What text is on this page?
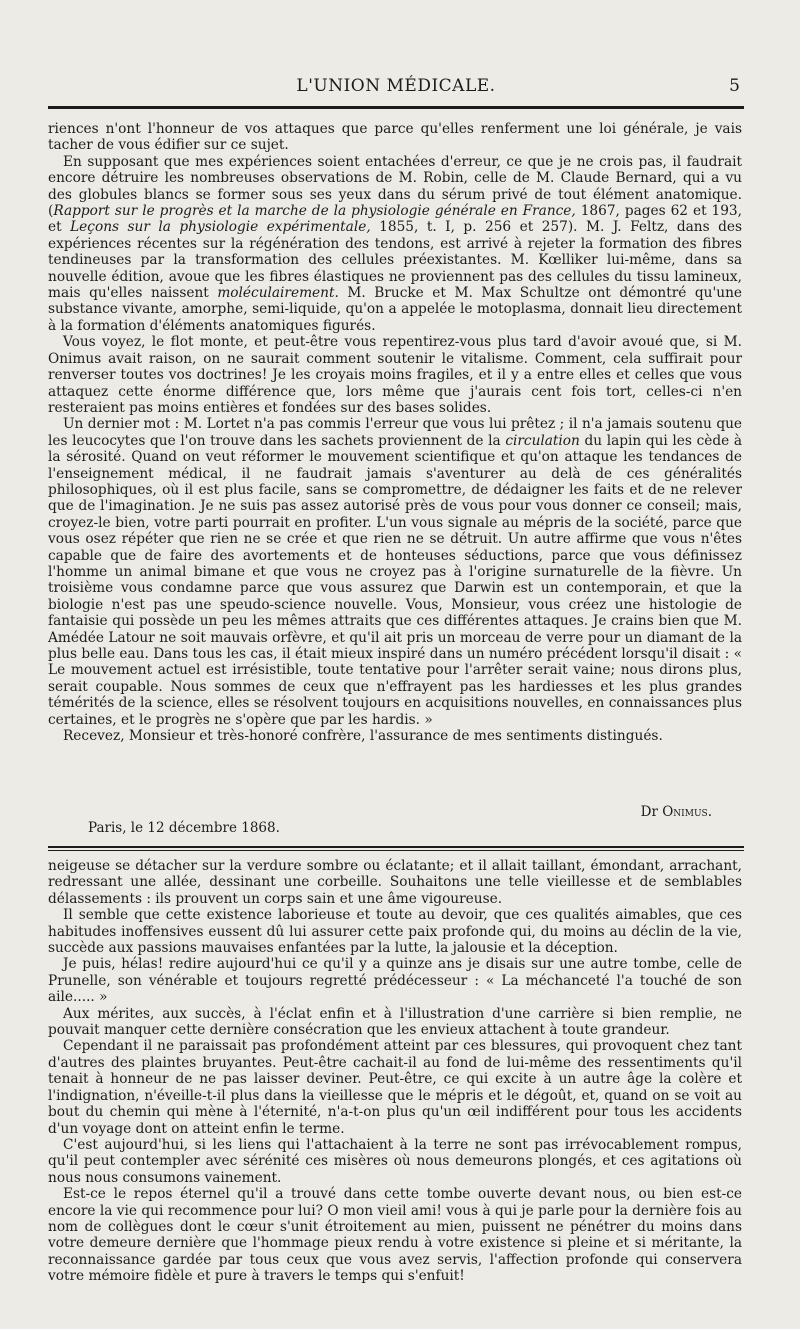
L'UNION MÉDICALE.	5

riences n'ont l'honneur de vos attaques que parce qu'elles renferment une loi générale, je vais tacher de vous édifier sur ce sujet.

En supposant que mes expériences soient entachées d'erreur, ce que je ne crois pas, il faudrait encore détruire les nombreuses observations de M. Robin, celle de M. Claude Bernard, qui a vu des globules blancs se former sous ses yeux dans du sérum privé de tout élément anatomique. (Rapport sur le progrès et la marche de la physiologie générale en France, 1867, pages 62 et 193, et Leçons sur la physiologie expérimentale, 1855, t. I, p. 256 et 257). M. J. Feltz, dans des expériences récentes sur la régénération des tendons, est arrivé à rejeter la formation des fibres tendineuses par la transformation des cellules préexistantes. M. Kœlliker lui-même, dans sa nouvelle édition, avoue que les fibres élastiques ne proviennent pas des cellules du tissu lamineux, mais qu'elles naissent moléculairement. M. Brucke et M. Max Schultze ont démontré qu'une substance vivante, amorphe, semi-liquide, qu'on a appelée le motoplasma, donnait lieu directement à la formation d'éléments anatomiques figurés.

Vous voyez, le flot monte, et peut-être vous repentirez-vous plus tard d'avoir avoué que, si M. Onimus avait raison, on ne saurait comment soutenir le vitalisme. Comment, cela suffirait pour renverser toutes vos doctrines! Je les croyais moins fragiles, et il y a entre elles et celles que vous attaquez cette énorme différence que, lors même que j'aurais cent fois tort, celles-ci n'en resteraient pas moins entières et fondées sur des bases solides.

Un dernier mot : M. Lortet n'a pas commis l'erreur que vous lui prêtez ; il n'a jamais soutenu que les leucocytes que l'on trouve dans les sachets proviennent de la circulation du lapin qui les cède à la sérosité. Quand on veut réformer le mouvement scientifique et qu'on attaque les tendances de l'enseignement médical, il ne faudrait jamais s'aventurer au delà de ces généralités philosophiques, où il est plus facile, sans se compromettre, de dédaigner les faits et de ne relever que de l'imagination. Je ne suis pas assez autorisé près de vous pour vous donner ce conseil; mais, croyez-le bien, votre parti pourrait en profiter. L'un vous signale au mépris de la société, parce que vous osez répéter que rien ne se crée et que rien ne se détruit. Un autre affirme que vous n'êtes capable que de faire des avortements et de honteuses séductions, parce que vous définissez l'homme un animal bimane et que vous ne croyez pas à l'origine surnaturelle de la fièvre. Un troisième vous condamne parce que vous assurez que Darwin est un contemporain, et que la biologie n'est pas une speudo-science nouvelle. Vous, Monsieur, vous créez une histologie de fantaisie qui possède un peu les mêmes attraits que ces différentes attaques. Je crains bien que M. Amédée Latour ne soit mauvais orfèvre, et qu'il ait pris un morceau de verre pour un diamant de la plus belle eau. Dans tous les cas, il était mieux inspiré dans un numéro précédent lorsqu'il disait : « Le mouvement actuel est irrésistible, toute tentative pour l'arrêter serait vaine; nous dirons plus, serait coupable. Nous sommes de ceux que n'effrayent pas les hardiesses et les plus grandes témérités de la science, elles se résolvent toujours en acquisitions nouvelles, en connaissances plus certaines, et le progrès ne s'opère que par les hardis. »

Recevez, Monsieur et très-honoré confrère, l'assurance de mes sentiments distingués.

Dr Onimus.
Paris, le 12 décembre 1868.

neigeuse se détacher sur la verdure sombre ou éclatante; et il allait taillant, émondant, arrachant, redressant une allée, dessinant une corbeille. Souhaitons une telle vieillesse et de semblables délassements : ils prouvent un corps sain et une âme vigoureuse.

Il semble que cette existence laborieuse et toute au devoir, que ces qualités aimables, que ces habitudes inoffensives eussent dû lui assurer cette paix profonde qui, du moins au déclin de la vie, succède aux passions mauvaises enfantées par la lutte, la jalousie et la déception.

Je puis, hélas! redire aujourd'hui ce qu'il y a quinze ans je disais sur une autre tombe, celle de Prunelle, son vénérable et toujours regretté prédécesseur : « La méchanceté l'a touché de son aile..... »

Aux mérites, aux succès, à l'éclat enfin et à l'illustration d'une carrière si bien remplie, ne pouvait manquer cette dernière consécration que les envieux attachent à toute grandeur.

Cependant il ne paraissait pas profondément atteint par ces blessures, qui provoquent chez tant d'autres des plaintes bruyantes. Peut-être cachait-il au fond de lui-même des ressentiments qu'il tenait à honneur de ne pas laisser deviner. Peut-être, ce qui excite à un autre âge la colère et l'indignation, n'éveille-t-il plus dans la vieillesse que le mépris et le dégoût, et, quand on se voit au bout du chemin qui mène à l'éternité, n'a-t-on plus qu'un œil indifférent pour tous les accidents d'un voyage dont on atteint enfin le terme.

C'est aujourd'hui, si les liens qui l'attachaient à la terre ne sont pas irrévocablement rompus, qu'il peut contempler avec sérénité ces misères où nous demeurons plongés, et ces agitations où nous nous consumons vainement.

Est-ce le repos éternel qu'il a trouvé dans cette tombe ouverte devant nous, ou bien est-ce encore la vie qui recommence pour lui? O mon vieil ami! vous à qui je parle pour la dernière fois au nom de collègues dont le cœur s'unit étroitement au mien, puissent ne pénétrer du moins dans votre demeure dernière que l'hommage pieux rendu à votre existence si pleine et si méritante, la reconnaissance gardée par tous ceux que vous avez servis, l'affection profonde qui conservera votre mémoire fidèle et pure à travers le temps qui s'enfuit!
